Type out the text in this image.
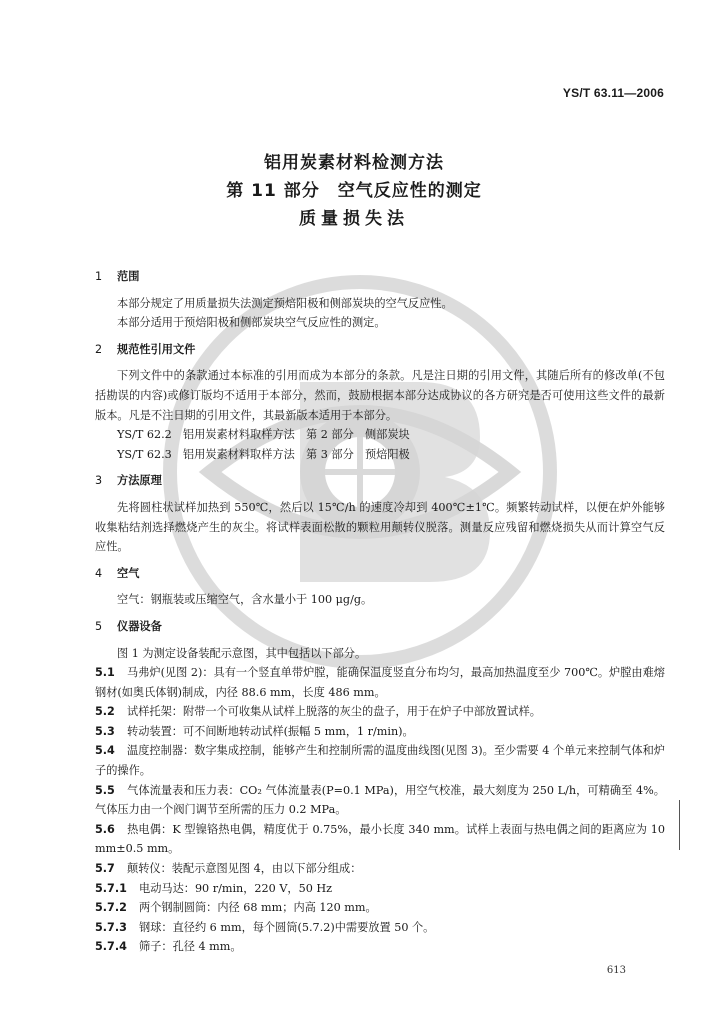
YS/T 63.11—2006
铝用炭素材料检测方法
第 11 部分　空气反应性的测定
质量损失法
1 范围
本部分规定了用质量损失法测定预焙阳极和侧部炭块的空气反应性。
本部分适用于预焙阳极和侧部炭块空气反应性的测定。
2 规范性引用文件
下列文件中的条款通过本标准的引用而成为本部分的条款。凡是注日期的引用文件，其随后所有的修改单(不包括勘误的内容)或修订版均不适用于本部分，然而，鼓励根据本部分达成协议的各方研究是否可使用这些文件的最新版本。凡是不注日期的引用文件，其最新版本适用于本部分。
YS/T 62.2　铝用炭素材料取样方法　第 2 部分　侧部炭块
YS/T 62.3　铝用炭素材料取样方法　第 3 部分　预焙阳极
3 方法原理
先将圆柱状试样加热到 550℃，然后以 15℃/h 的速度冷却到 400℃±1℃。频繁转动试样，以便在炉外能够收集粘结剂选择燃烧产生的灰尘。将试样表面松散的颗粒用颠转仪脱落。测量反应残留和燃烧损失从而计算空气反应性。
4 空气
空气：钢瓶装或压缩空气，含水量小于 100 μg/g。
5 仪器设备
图 1 为测定设备装配示意图，其中包括以下部分。
5.1 马弗炉(见图 2)：具有一个竖直单带炉膛，能确保温度竖直分布均匀，最高加热温度至少 700℃。炉膛由难熔钢材(如奥氏体钢)制成，内径 88.6 mm，长度 486 mm。
5.2 试样托架：附带一个可收集从试样上脱落的灰尘的盘子，用于在炉子中部放置试样。
5.3 转动装置：可不间断地转动试样(振幅 5 mm，1 r/min)。
5.4 温度控制器：数字集成控制，能够产生和控制所需的温度曲线图(见图 3)。至少需要 4 个单元来控制气体和炉子的操作。
5.5 气体流量表和压力表：CO₂ 气体流量表(P=0.1 MPa)，用空气校准，最大刻度为 250 L/h，可精确至 4%。气体压力由一个阀门调节至所需的压力 0.2 MPa。
5.6 热电偶：K 型镍铬热电偶，精度优于 0.75%，最小长度 340 mm。试样上表面与热电偶之间的距离应为 10 mm±0.5 mm。
5.7 颠转仪：装配示意图见图 4，由以下部分组成：
5.7.1 电动马达：90 r/min，220 V，50 Hz
5.7.2 两个钢制圆筒：内径 68 mm；内高 120 mm。
5.7.3 钢球：直径约 6 mm，每个圆筒(5.7.2)中需要放置 50 个。
5.7.4 筛子：孔径 4 mm。
613
